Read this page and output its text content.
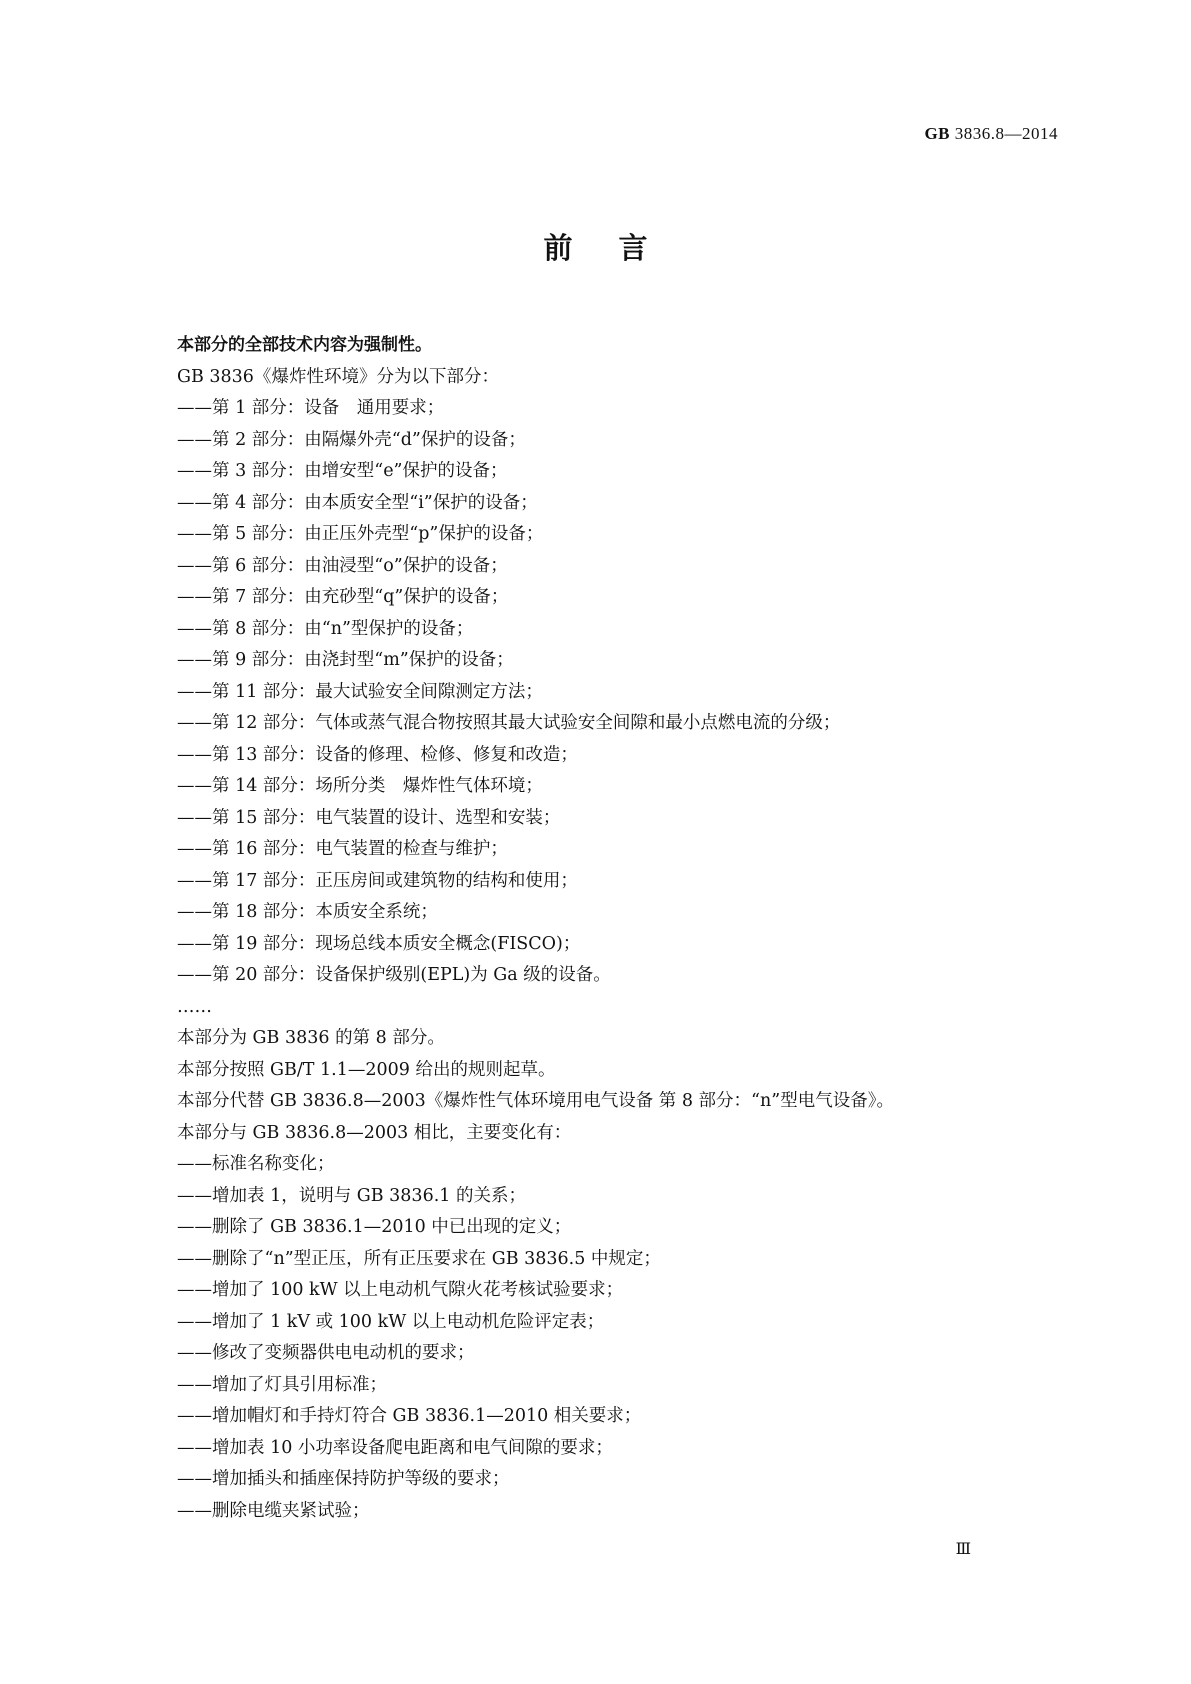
GB 3836.8—2014
前言
本部分的全部技术内容为强制性。
GB 3836《爆炸性环境》分为以下部分：
——第 1 部分：设备　通用要求；
——第 2 部分：由隔爆外壳“d”保护的设备；
——第 3 部分：由增安型“e”保护的设备；
——第 4 部分：由本质安全型“i”保护的设备；
——第 5 部分：由正压外壳型“p”保护的设备；
——第 6 部分：由油浸型“o”保护的设备；
——第 7 部分：由充砂型“q”保护的设备；
——第 8 部分：由“n”型保护的设备；
——第 9 部分：由浇封型“m”保护的设备；
——第 11 部分：最大试验安全间隙测定方法；
——第 12 部分：气体或蒸气混合物按照其最大试验安全间隙和最小点燃电流的分级；
——第 13 部分：设备的修理、检修、修复和改造；
——第 14 部分：场所分类　爆炸性气体环境；
——第 15 部分：电气装置的设计、选型和安装；
——第 16 部分：电气装置的检查与维护；
——第 17 部分：正压房间或建筑物的结构和使用；
——第 18 部分：本质安全系统；
——第 19 部分：现场总线本质安全概念(FISCO)；
——第 20 部分：设备保护级别(EPL)为 Ga 级的设备。
……
本部分为 GB 3836 的第 8 部分。
本部分按照 GB/T 1.1—2009 给出的规则起草。
本部分代替 GB 3836.8—2003《爆炸性气体环境用电气设备 第 8 部分：“n”型电气设备》。
本部分与 GB 3836.8—2003 相比，主要变化有：
——标准名称变化；
——增加表 1，说明与 GB 3836.1 的关系；
——删除了 GB 3836.1—2010 中已出现的定义；
——删除了“n”型正压，所有正压要求在 GB 3836.5 中规定；
——增加了 100 kW 以上电动机气隙火花考核试验要求；
——增加了 1 kV 或 100 kW 以上电动机危险评定表；
——修改了变频器供电电动机的要求；
——增加了灯具引用标准；
——增加帽灯和手持灯符合 GB 3836.1—2010 相关要求；
——增加表 10 小功率设备爬电距离和电气间隙的要求；
——增加插头和插座保持防护等级的要求；
——删除电缆夹紧试验；
Ⅲ
